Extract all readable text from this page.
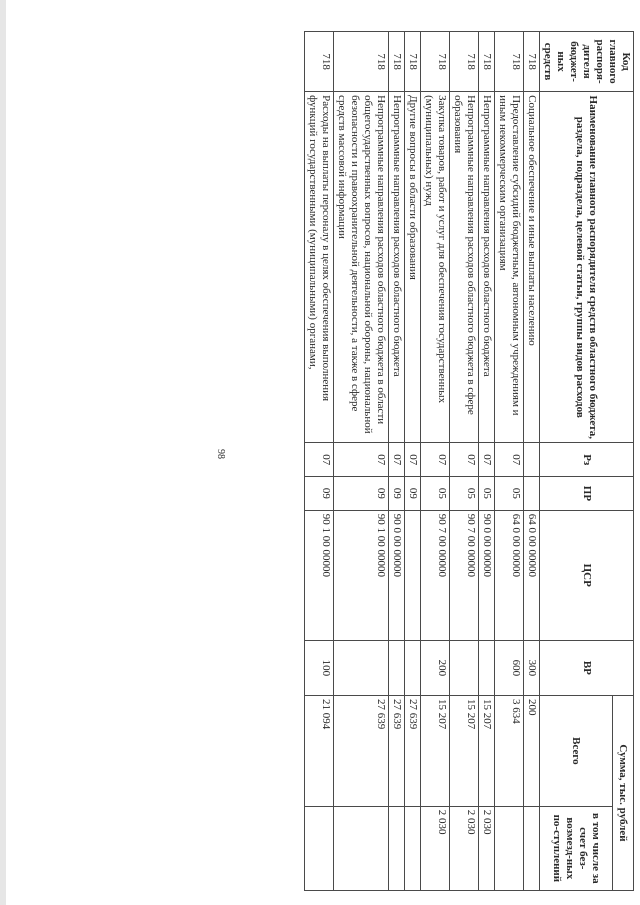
98
Код главного распоря-дителя бюджет-ных средств	Наименование главного распорядителя средств областного бюджета, раздела, подраздела, целевой статьи, группы видов расходов	Рз	ПР	ЦСР	ВР	Сумма, тыс. рублей	
						Всего	в том числе за счет без-возмезд-ных по-ступлений
718	Социальное обеспечение и иные выплаты населению			64 0 00 00000	300	200	
718	Предоставление субсидий бюджетным, автономным учреждениям и иным некоммерческим организациям	07	05	64 0 00 00000	600	3 634	
718	Непрограммные направления расходов областного бюджета	07	05	90 0 00 00000		15 207	2 030
718	Непрограммные направления расходов областного бюджета в сфере образования	07	05	90 7 00 00000		15 207	2 030
718	Закупка товаров, работ и услуг для обеспечения государственных (муниципальных) нужд	07	05	90 7 00 00000	200	15 207	2 030
718	Другие вопросы в области образования	07	09			27 639	
718	Непрограммные направления расходов областного бюджета	07	09	90 0 00 00000		27 639	
718	Непрограммные направления расходов областного бюджета в области общегосударственных вопросов, национальной обороны, национальной безопасности и правоохранительной деятельности, а также в сфере средств массовой информации	07	09	90 1 00 00000		27 639	
718	Расходы на выплаты персоналу в целях обеспечения выполнения функций государственными (муниципальными) органами,	07	09	90 1 00 00000	100	21 094	
